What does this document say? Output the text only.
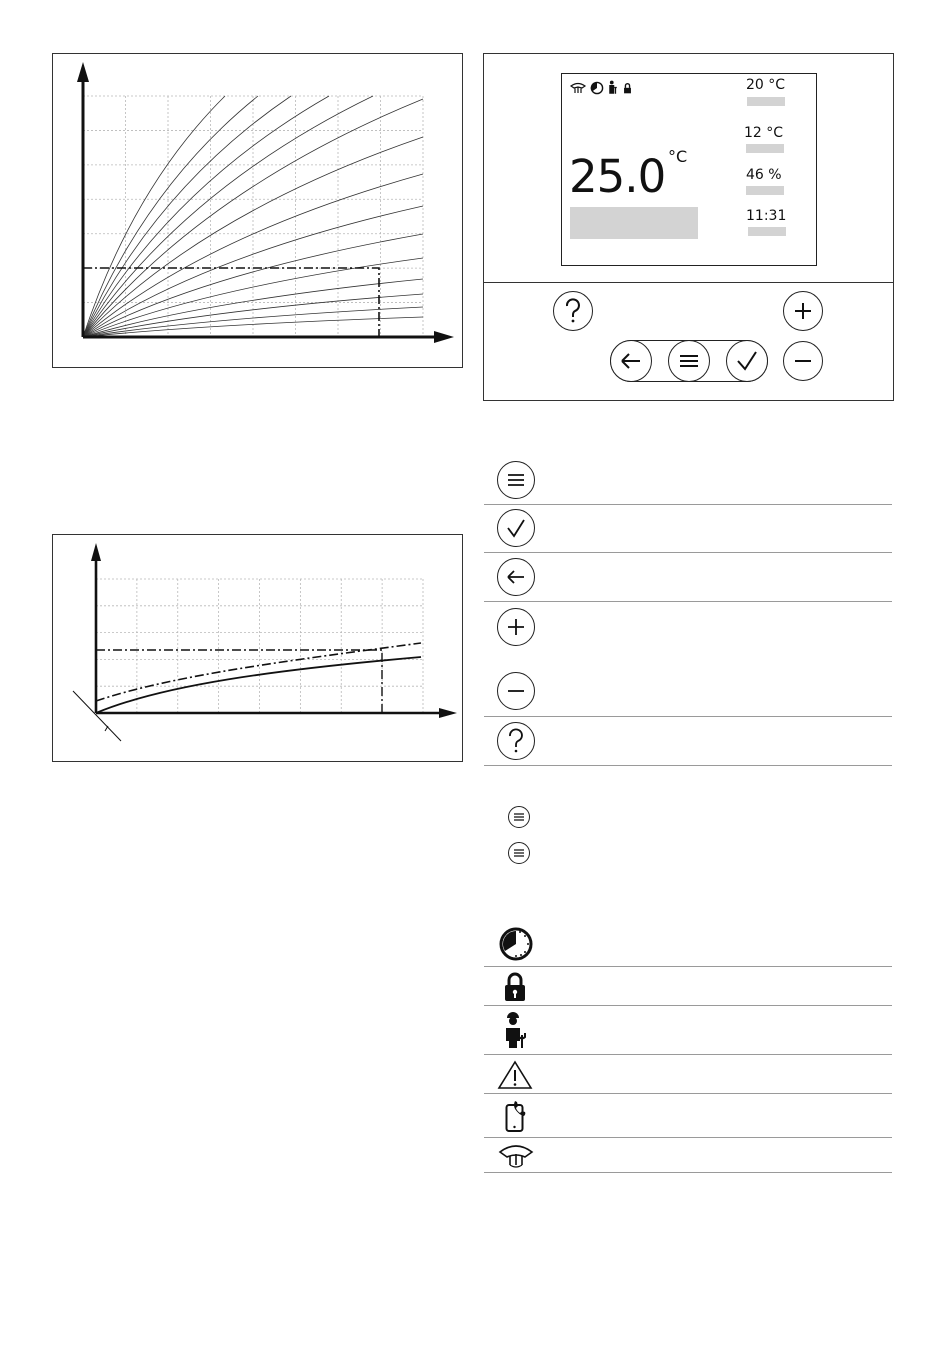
25.0 °C
20 °C
12 °C
46 %
11:31
